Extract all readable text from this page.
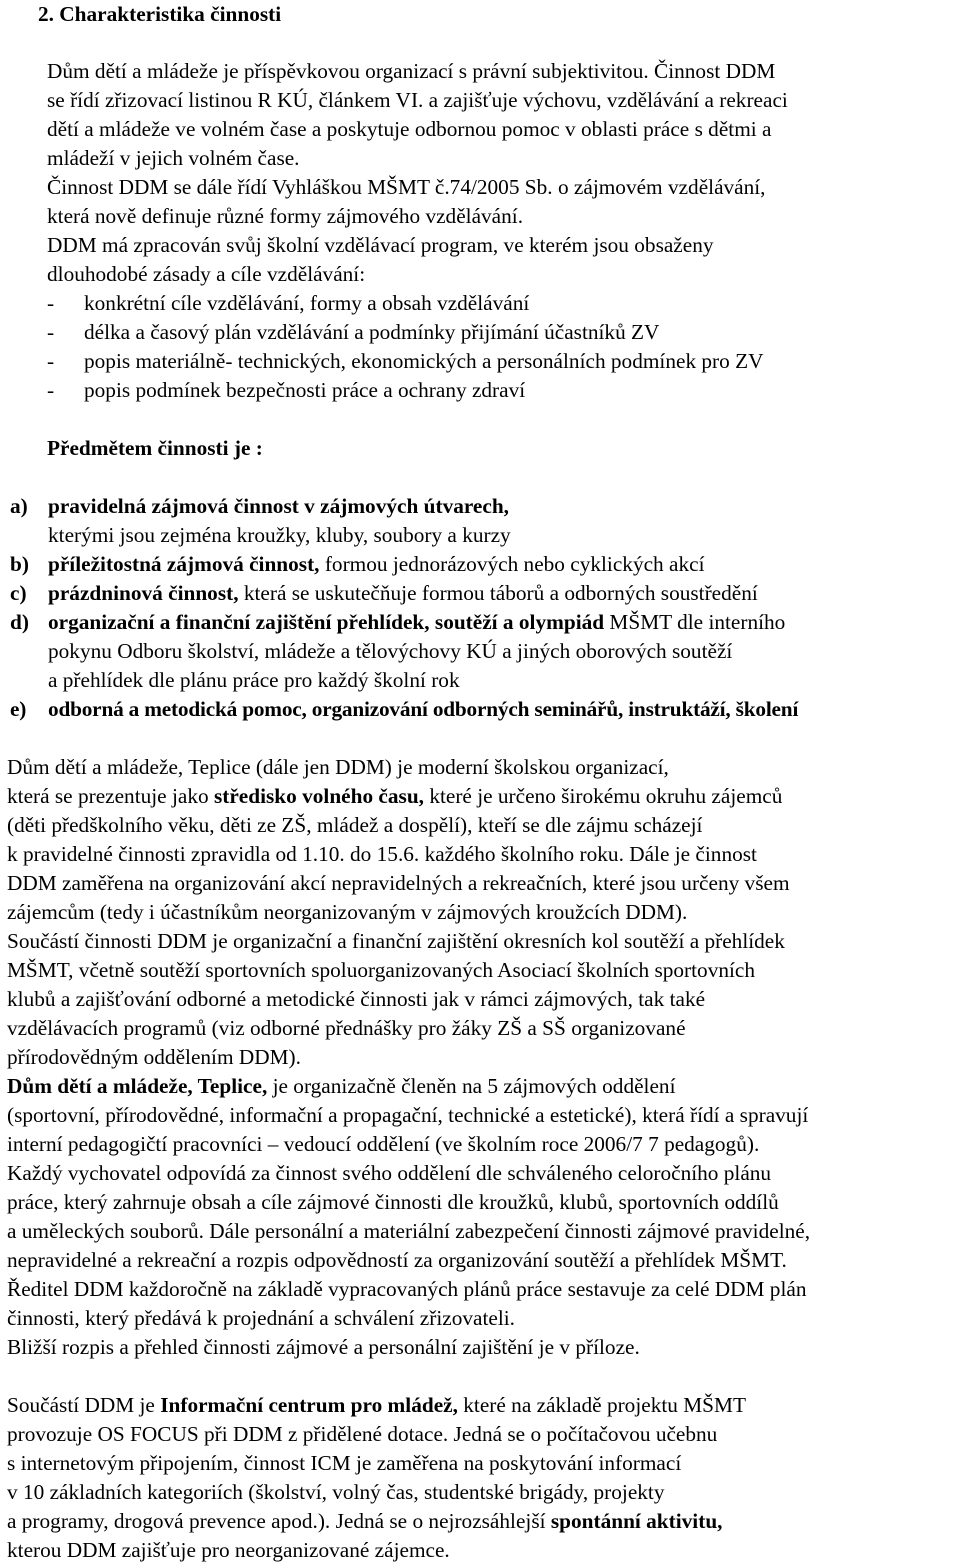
2. Charakteristika činnosti
Dům dětí a mládeže je příspěvkovou organizací s právní subjektivitou. Činnost DDM
se řídí zřizovací listinou R KÚ, článkem VI. a zajišťuje výchovu, vzdělávání a rekreaci
dětí a mládeže ve volném čase a poskytuje odbornou pomoc v oblasti práce s dětmi a
mládeží v jejich volném čase.
Činnost DDM se dále řídí Vyhláškou MŠMT č.74/2005 Sb. o zájmovém vzdělávání,
která nově definuje různé formy zájmového vzdělávání.
DDM má zpracován svůj školní vzdělávací program, ve kterém jsou obsaženy
dlouhodobé zásady a cíle vzdělávání:
- konkrétní cíle vzdělávání, formy a obsah vzdělávání
- délka a časový plán vzdělávání a podmínky přijímání účastníků ZV
- popis materiálně- technických, ekonomických a personálních podmínek pro ZV
- popis podmínek bezpečnosti práce a ochrany zdraví
Předmětem činnosti je :
a) pravidelná zájmová činnost v zájmových útvarech,
kterými jsou zejména kroužky, kluby, soubory a kurzy
b) příležitostná zájmová činnost, formou jednorázových nebo cyklických akcí
c) prázdninová činnost, která se uskutečňuje formou táborů a odborných soustředění
d) organizační a finanční zajištění přehlídek, soutěží a olympiád MŠMT dle interního
pokynu Odboru školství, mládeže a tělovýchovy KÚ a jiných oborových soutěží
a přehlídek dle plánu práce pro každý školní rok
e) odborná a metodická pomoc, organizování odborných seminářů, instruktáží, školení
Dům dětí a mládeže, Teplice (dále jen DDM) je moderní školskou organizací,
která se prezentuje jako středisko volného času, které je určeno širokému okruhu zájemců
(děti předškolního věku, děti ze ZŠ, mládež a dospělí), kteří se dle zájmu scházejí
k pravidelné činnosti zpravidla od 1.10. do 15.6. každého školního roku. Dále je činnost
DDM zaměřena na organizování akcí nepravidelných a rekreačních, které jsou určeny všem
zájemcům (tedy i účastníkům neorganizovaným v zájmových kroužcích DDM).
Součástí činnosti DDM je organizační a finanční zajištění okresních kol soutěží a přehlídek
MŠMT, včetně soutěží sportovních spoluorganizovaných Asociací školních sportovních
klubů a zajišťování odborné a metodické činnosti jak v rámci zájmových, tak také
vzdělávacích programů (viz odborné přednášky pro žáky ZŠ a SŠ organizované
přírodovědným oddělením DDM).
Dům dětí a mládeže, Teplice, je organizačně členěn na 5 zájmových oddělení
(sportovní, přírodovědné, informační a propagační, technické a estetické), která řídí a spravují
interní pedagogičtí pracovníci – vedoucí oddělení (ve školním roce 2006/7 7 pedagogů).
Každý vychovatel odpovídá za činnost svého oddělení dle schváleného celoročního plánu
práce, který zahrnuje obsah a cíle zájmové činnosti dle kroužků, klubů, sportovních oddílů
a uměleckých souborů. Dále personální a materiální zabezpečení činnosti zájmové pravidelné,
nepravidelné a rekreační a rozpis odpovědností za organizování soutěží a přehlídek MŠMT.
Ředitel DDM každoročně na základě vypracovaných plánů práce sestavuje za celé DDM plán
činnosti, který předává k projednání a schválení zřizovateli.
Bližší rozpis a přehled činnosti zájmové a personální zajištění je v příloze.
Součástí DDM je Informační centrum pro mládež, které na základě projektu MŠMT
provozuje OS FOCUS při DDM z přidělené dotace. Jedná se o počítačovou učebnu
s internetovým připojením, činnost ICM je zaměřena na poskytování informací
v 10 základních kategoriích (školství, volný čas, studentské brigády, projekty
a programy, drogová prevence apod.). Jedná se o nejrozsáhlejší spontánní aktivitu,
kterou DDM zajišťuje pro neorganizované zájemce.
